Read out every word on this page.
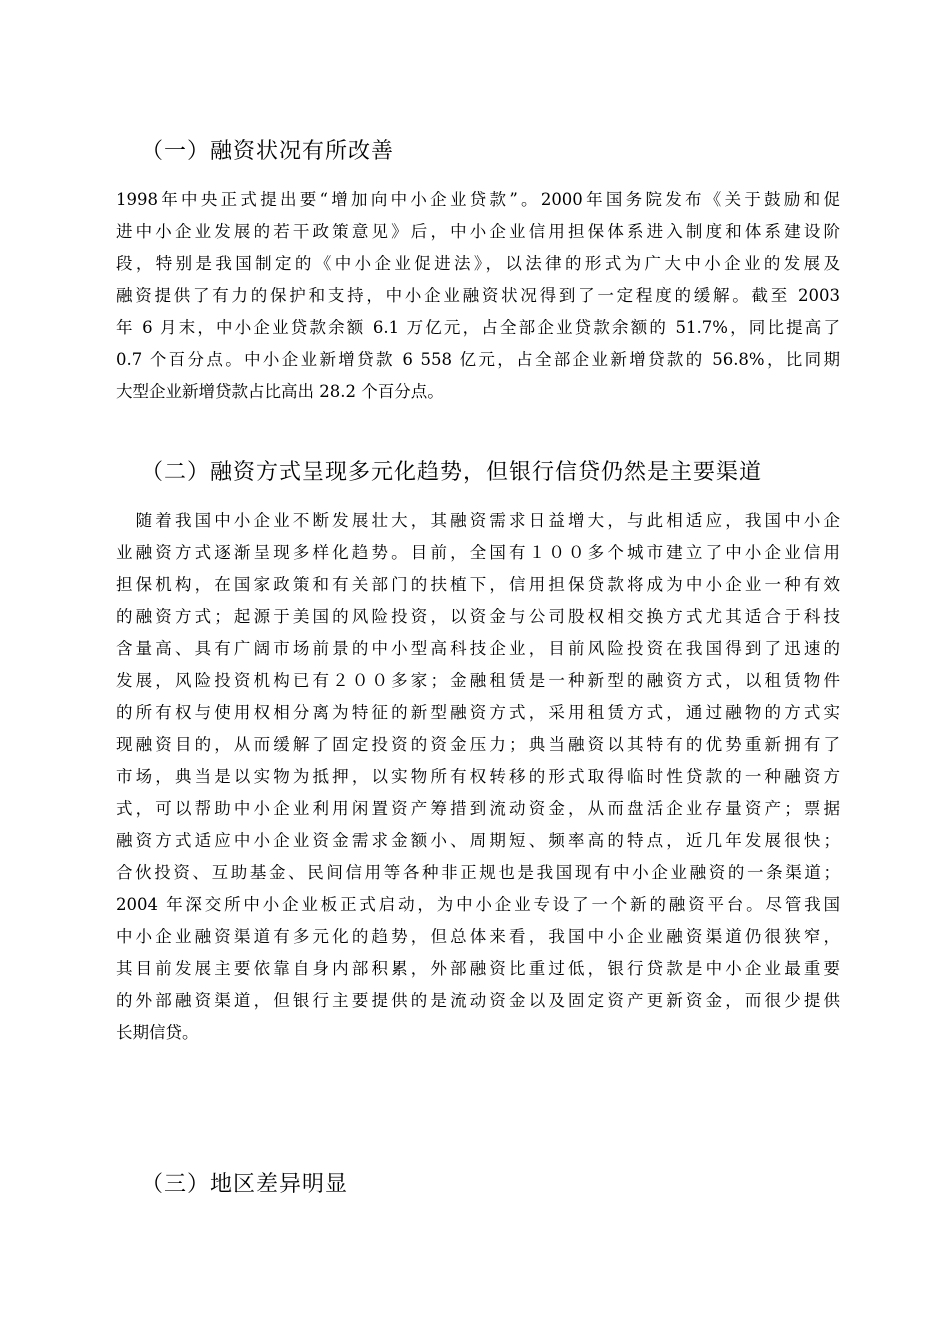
（一）融资状况有所改善
1998年中央正式提出要“增加向中小企业贷款”。2000年国务院发布《关于鼓励和促
进中小企业发展的若干政策意见》后，中小企业信用担保体系进入制度和体系建设阶
段，特别是我国制定的《中小企业促进法》，以法律的形式为广大中小企业的发展及
融资提供了有力的保护和支持，中小企业融资状况得到了一定程度的缓解。截至 2003
年 6 月末，中小企业贷款余额 6.1 万亿元，占全部企业贷款余额的 51.7%，同比提高了
0.7 个百分点。中小企业新增贷款 6 558 亿元，占全部企业新增贷款的 56.8%，比同期
大型企业新增贷款占比高出 28.2 个百分点。
（二）融资方式呈现多元化趋势，但银行信贷仍然是主要渠道
　随着我国中小企业不断发展壮大，其融资需求日益增大，与此相适应，我国中小企
业融资方式逐渐呈现多样化趋势。目前，全国有１００多个城市建立了中小企业信用
担保机构，在国家政策和有关部门的扶植下，信用担保贷款将成为中小企业一种有效
的融资方式；起源于美国的风险投资，以资金与公司股权相交换方式尤其适合于科技
含量高、具有广阔市场前景的中小型高科技企业，目前风险投资在我国得到了迅速的
发展，风险投资机构已有２００多家；金融租赁是一种新型的融资方式，以租赁物件
的所有权与使用权相分离为特征的新型融资方式，采用租赁方式，通过融物的方式实
现融资目的，从而缓解了固定投资的资金压力；典当融资以其特有的优势重新拥有了
市场，典当是以实物为抵押，以实物所有权转移的形式取得临时性贷款的一种融资方
式，可以帮助中小企业利用闲置资产筹措到流动资金，从而盘活企业存量资产；票据
融资方式适应中小企业资金需求金额小、周期短、频率高的特点，近几年发展很快；
合伙投资、互助基金、民间信用等各种非正规也是我国现有中小企业融资的一条渠道；
2004 年深交所中小企业板正式启动，为中小企业专设了一个新的融资平台。尽管我国
中小企业融资渠道有多元化的趋势，但总体来看，我国中小企业融资渠道仍很狭窄，
其目前发展主要依靠自身内部积累，外部融资比重过低，银行贷款是中小企业最重要
的外部融资渠道，但银行主要提供的是流动资金以及固定资产更新资金，而很少提供
长期信贷。
（三）地区差异明显
